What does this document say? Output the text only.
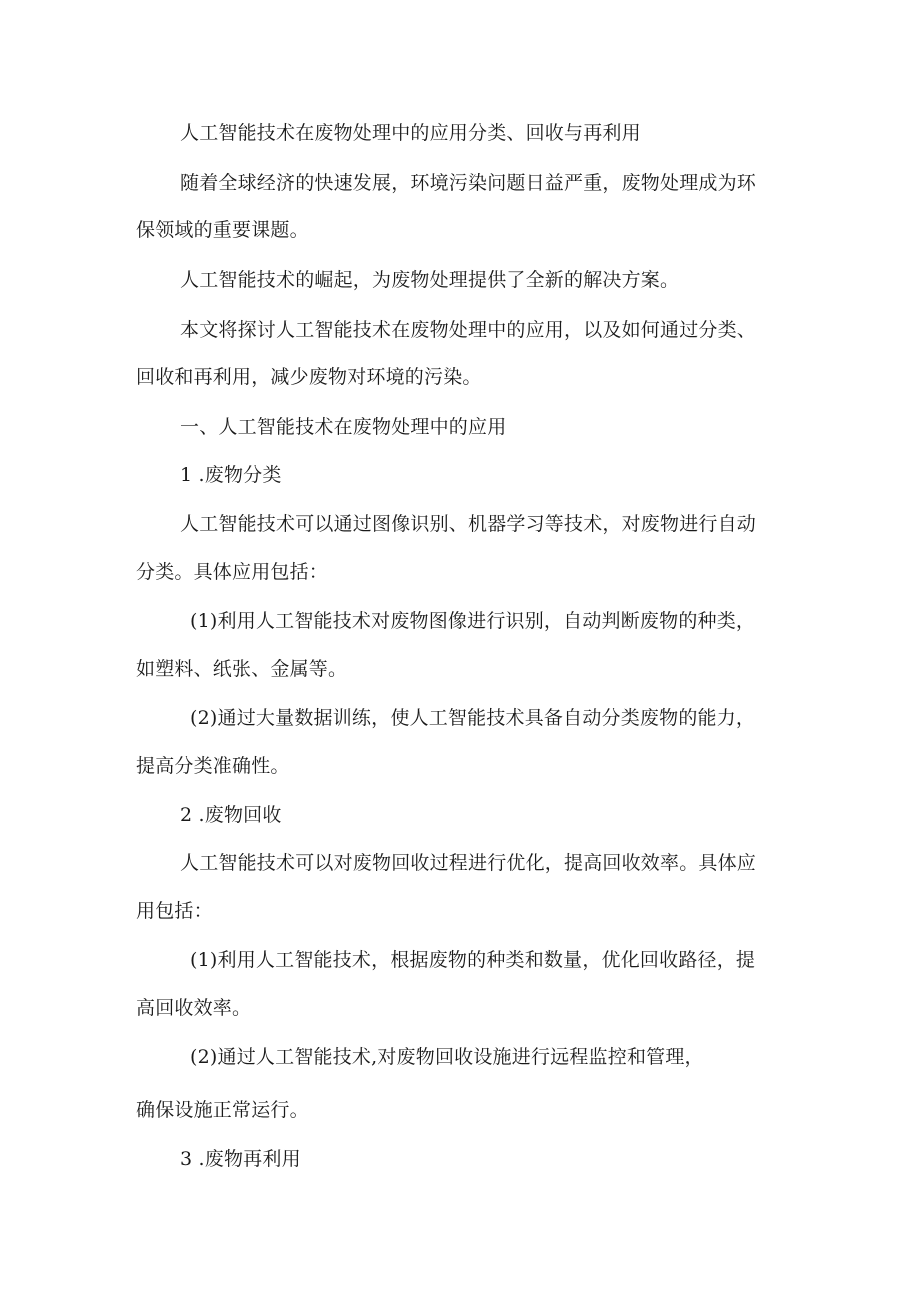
人工智能技术在废物处理中的应用分类、回收与再利用

随着全球经济的快速发展，环境污染问题日益严重，废物处理成为环

保领域的重要课题。

人工智能技术的崛起，为废物处理提供了全新的解决方案。

本文将探讨人工智能技术在废物处理中的应用，以及如何通过分类、

回收和再利用，减少废物对环境的污染。

一、人工智能技术在废物处理中的应用

1 .废物分类

人工智能技术可以通过图像识别、机器学习等技术，对废物进行自动

分类。具体应用包括：

(1)利用人工智能技术对废物图像进行识别，自动判断废物的种类，

如塑料、纸张、金属等。

(2)通过大量数据训练，使人工智能技术具备自动分类废物的能力，

提高分类准确性。

2 .废物回收

人工智能技术可以对废物回收过程进行优化，提高回收效率。具体应

用包括：

(1)利用人工智能技术，根据废物的种类和数量，优化回收路径，提

高回收效率。

(2)通过人工智能技术,对废物回收设施进行远程监控和管理，

确保设施正常运行。

3 .废物再利用
